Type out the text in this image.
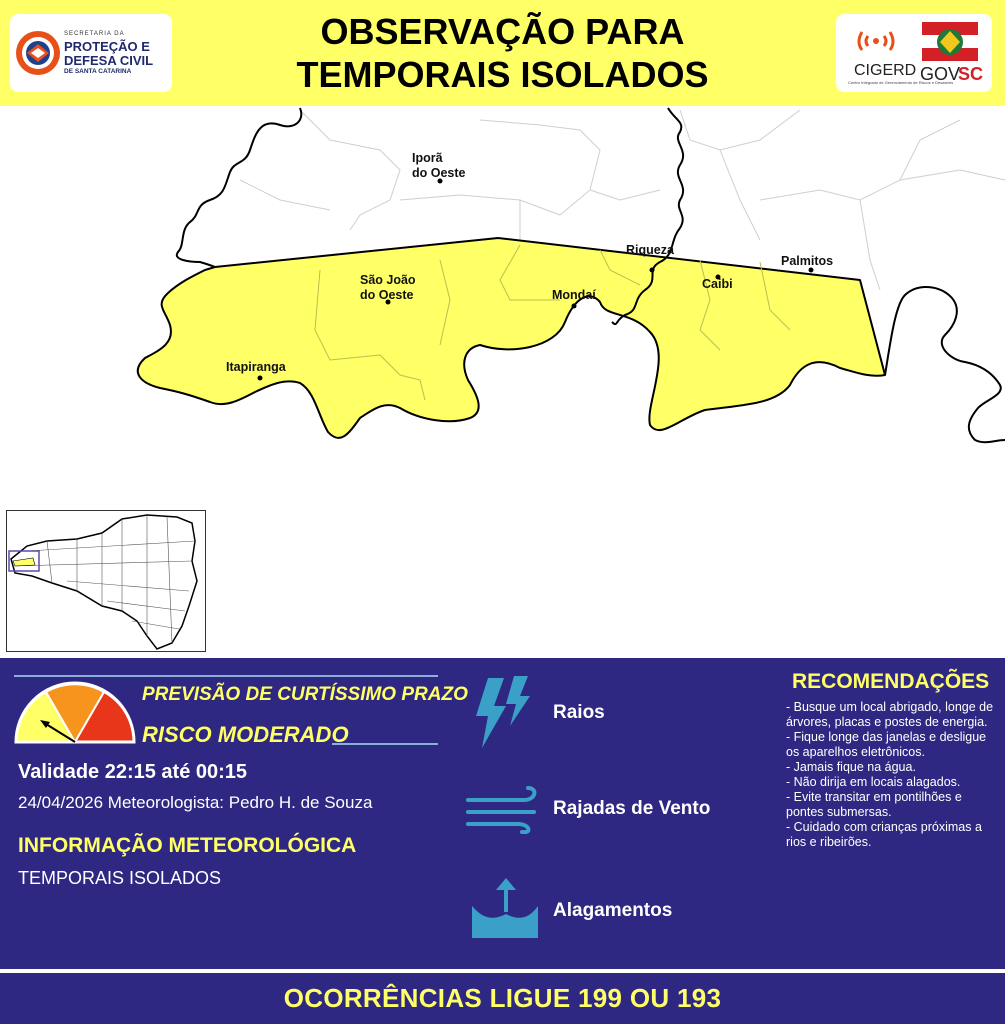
SECRETARIA DA
PROTEÇÃO E
DEFESA CIVIL
DE SANTA CATARINA
OBSERVAÇÃO PARA
TEMPORAIS ISOLADOS	CIGERD
Centro Integrado de Gerenciamento de Riscos e Desastres
GOV
SC
Iporã
do Oeste
São João
do Oeste
Itapiranga
Mondaí
Riqueza
Caibi
Palmitos
PREVISÃO DE CURTÍSSIMO PRAZO
RISCO MODERADO
Validade 22:15 até 00:15
24/04/2026 Meteorologista: Pedro H. de Souza
INFORMAÇÃO METEOROLÓGICA
TEMPORAIS ISOLADOS
Raios
Rajadas de Vento
Alagamentos
RECOMENDAÇÕES
- Busque um local abrigado, longe de árvores, placas e postes de energia.
- Fique longe das janelas e desligue os aparelhos eletrônicos.
- Jamais fique na água.
- Não dirija em locais alagados.
- Evite transitar em pontilhões e pontes submersas.
- Cuidado com crianças próximas a rios e ribeirões.
OCORRÊNCIAS LIGUE 199 OU 193
